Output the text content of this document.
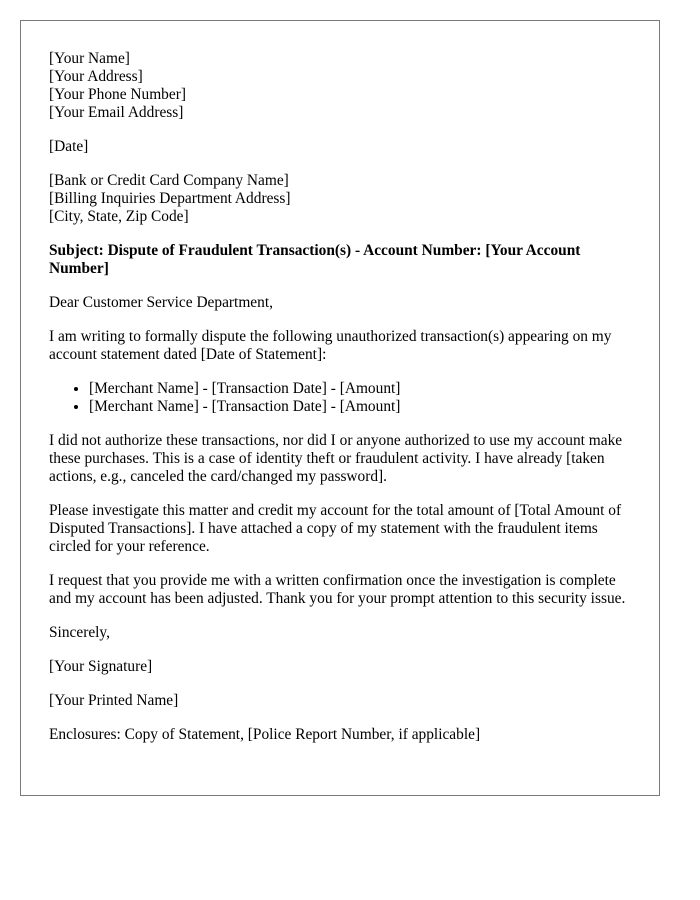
[Your Name]
[Your Address]
[Your Phone Number]
[Your Email Address]

[Date]

[Bank or Credit Card Company Name]
[Billing Inquiries Department Address]
[City, State, Zip Code]

Subject: Dispute of Fraudulent Transaction(s) - Account Number: [Your Account Number]

Dear Customer Service Department,

I am writing to formally dispute the following unauthorized transaction(s) appearing on my account statement dated [Date of Statement]:

• [Merchant Name] - [Transaction Date] - [Amount]
• [Merchant Name] - [Transaction Date] - [Amount]

I did not authorize these transactions, nor did I or anyone authorized to use my account make these purchases. This is a case of identity theft or fraudulent activity. I have already [taken actions, e.g., canceled the card/changed my password].

Please investigate this matter and credit my account for the total amount of [Total Amount of Disputed Transactions]. I have attached a copy of my statement with the fraudulent items circled for your reference.

I request that you provide me with a written confirmation once the investigation is complete and my account has been adjusted. Thank you for your prompt attention to this security issue.

Sincerely,

[Your Signature]

[Your Printed Name]

Enclosures: Copy of Statement, [Police Report Number, if applicable]
